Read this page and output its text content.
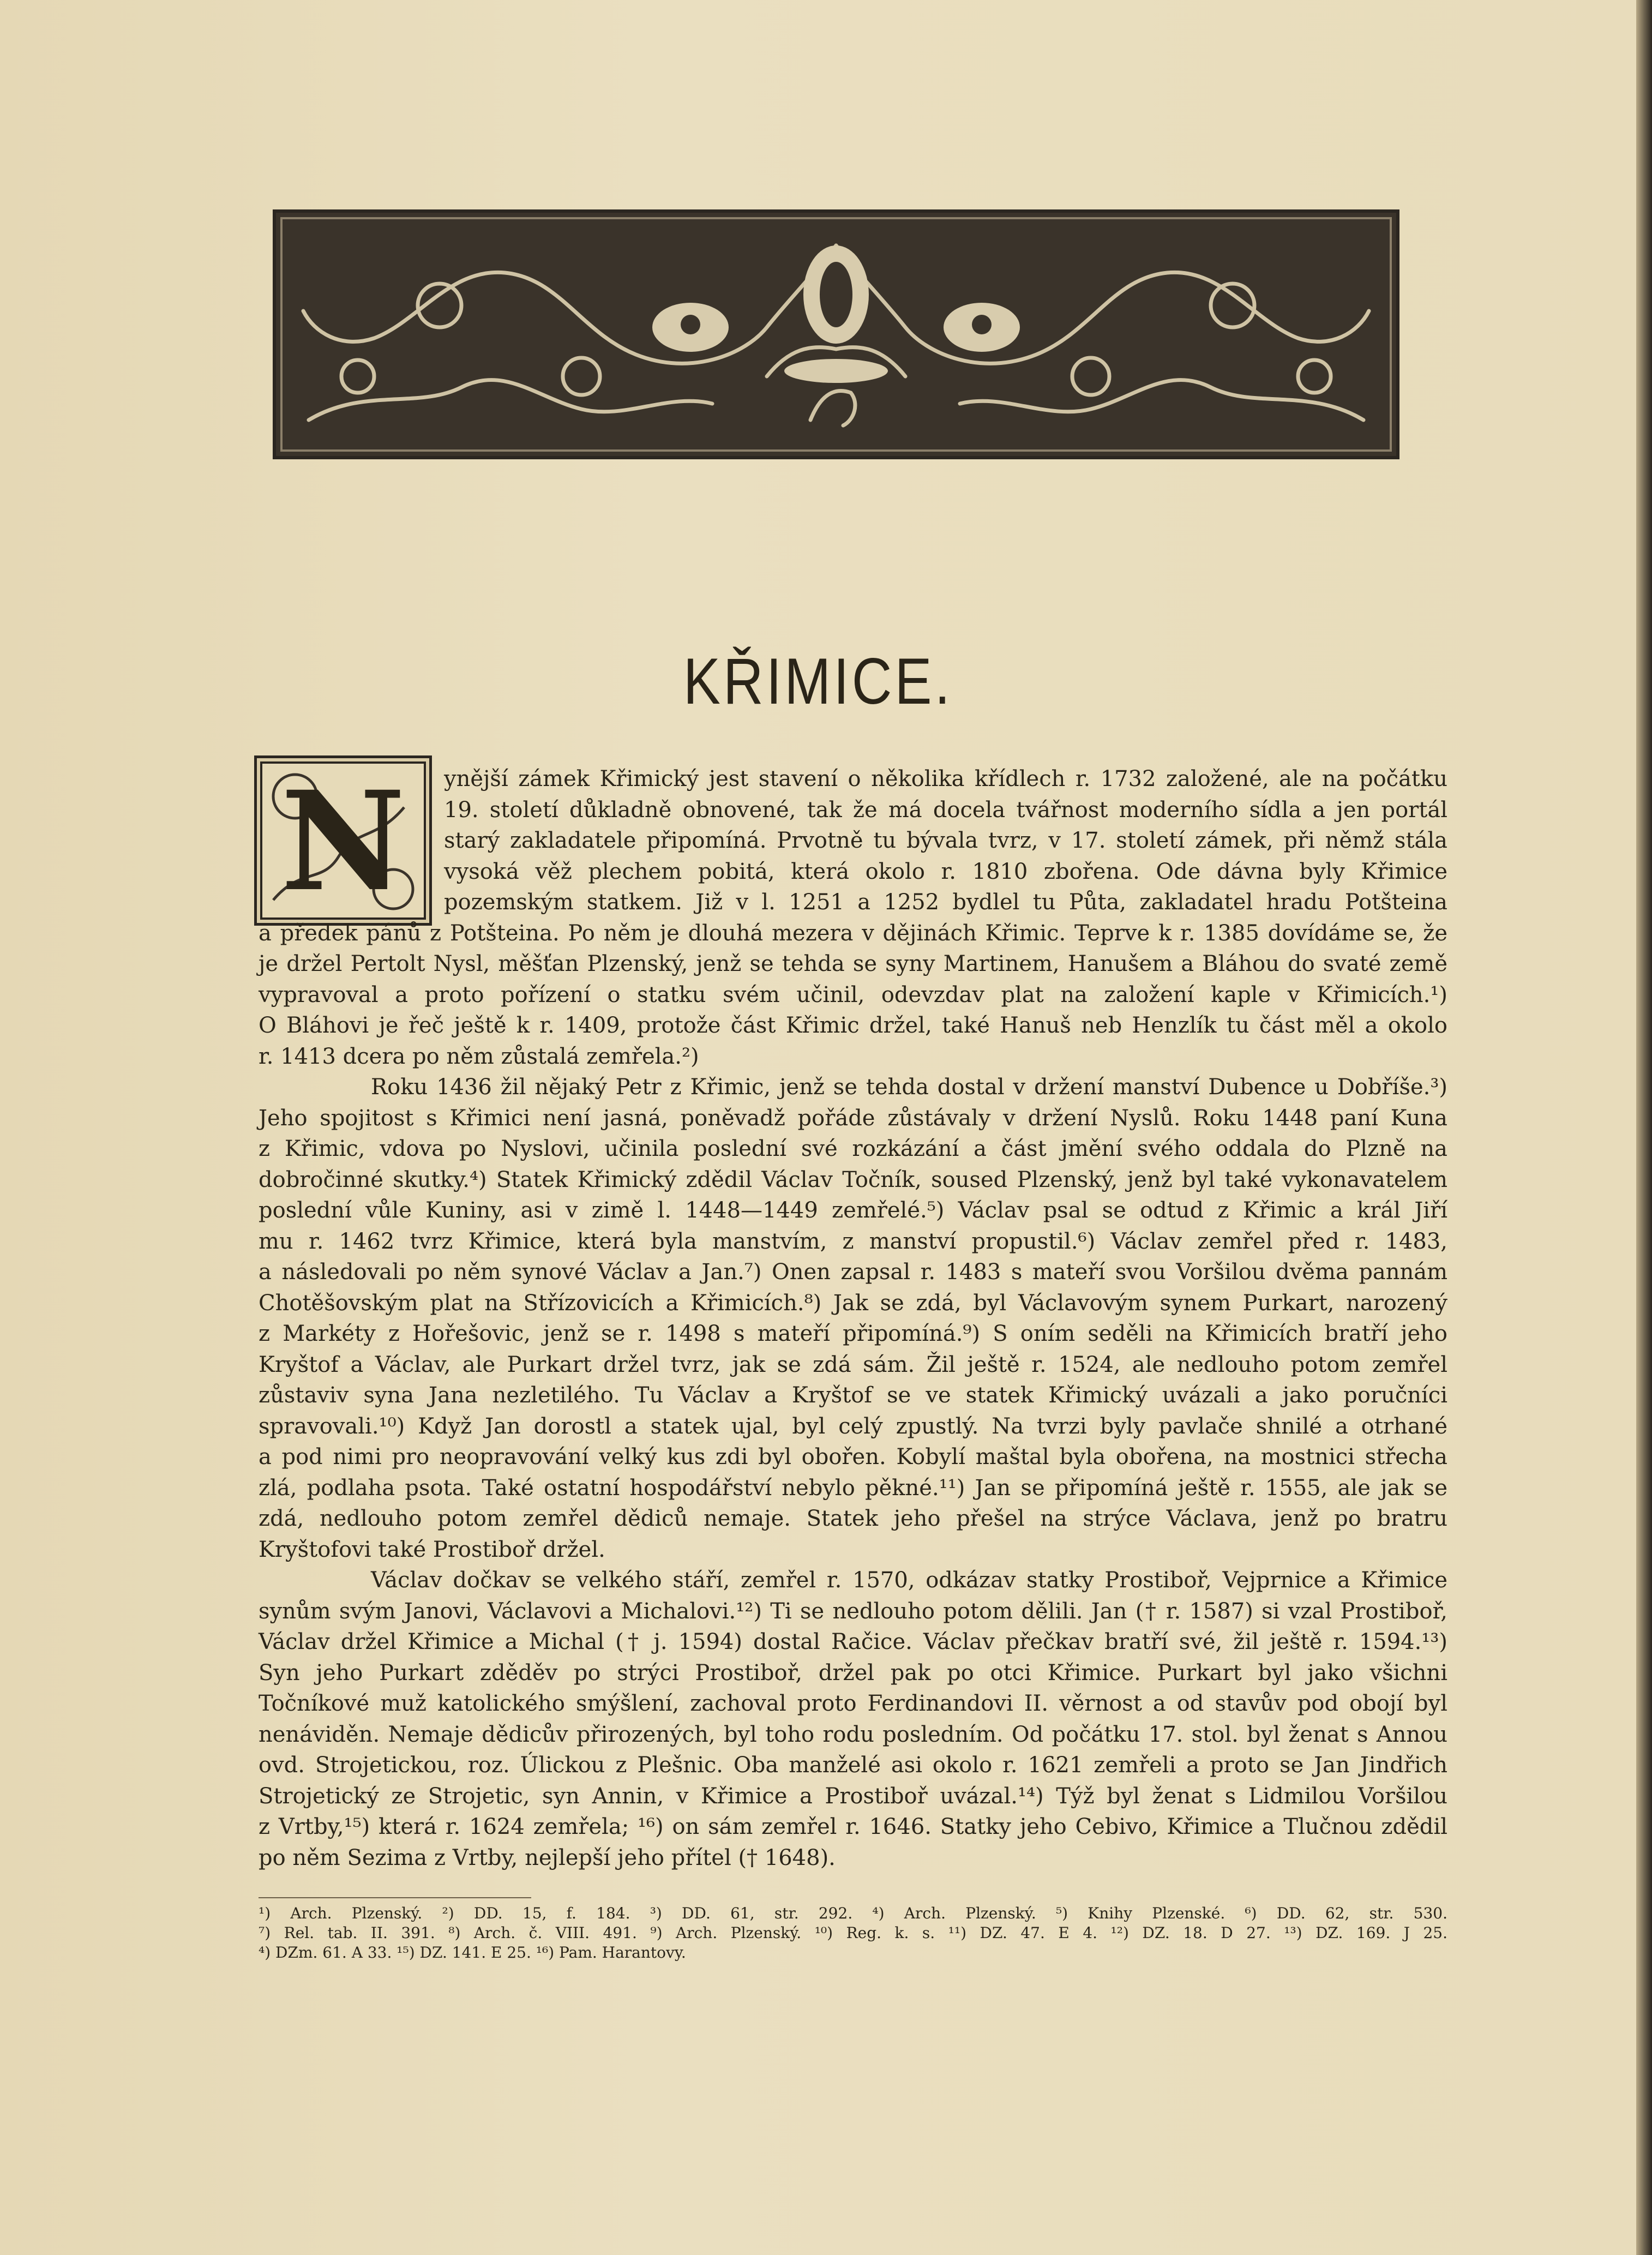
KŘIMICE.
N	ynější zámek Křimický jest stavení o několika křídlech r. 1732 založené, ale na počátku
19. století důkladně obnovené, tak že má docela tvářnost moderního sídla a jen portál
starý zakladatele připomíná. Prvotně tu bývala tvrz, v 17. století zámek, při němž stála
vysoká věž plechem pobitá, která okolo r. 1810 zbořena. Ode dávna byly Křimice
pozemským statkem. Již v l. 1251 a 1252 bydlel tu Půta, zakladatel hradu Potšteina
a předek pánů z Potšteina. Po něm je dlouhá mezera v dějinách Křimic. Teprve k r. 1385 dovídáme se, že
je držel Pertolt Nysl, měšťan Plzenský, jenž se tehda se syny Martinem, Hanušem a Bláhou do svaté země
vypravoval a proto pořízení o statku svém učinil, odevzdav plat na založení kaple v Křimicích.¹)
O Bláhovi je řeč ještě k r. 1409, protože část Křimic držel, také Hanuš neb Henzlík tu část měl a okolo
r. 1413 dcera po něm zůstalá zemřela.²)
Roku 1436 žil nějaký Petr z Křimic, jenž se tehda dostal v držení manství Dubence u Dobříše.³)
Jeho spojitost s Křimici není jasná, poněvadž pořáde zůstávaly v držení Nyslů. Roku 1448 paní Kuna
z Křimic, vdova po Nyslovi, učinila poslední své rozkázání a část jmění svého oddala do Plzně na
dobročinné skutky.⁴) Statek Křimický zdědil Václav Točník, soused Plzenský, jenž byl také vykonavatelem
poslední vůle Kuniny, asi v zimě l. 1448—1449 zemřelé.⁵) Václav psal se odtud z Křimic a král Jiří
mu r. 1462 tvrz Křimice, která byla manstvím, z manství propustil.⁶) Václav zemřel před r. 1483,
a následovali po něm synové Václav a Jan.⁷) Onen zapsal r. 1483 s mateří svou Voršilou dvěma pannám
Chotěšovským plat na Střízovicích a Křimicích.⁸) Jak se zdá, byl Václavovým synem Purkart, narozený
z Markéty z Hořešovic, jenž se r. 1498 s mateří připomíná.⁹) S oním seděli na Křimicích bratří jeho
Kryštof a Václav, ale Purkart držel tvrz, jak se zdá sám. Žil ještě r. 1524, ale nedlouho potom zemřel
zůstaviv syna Jana nezletilého. Tu Václav a Kryštof se ve statek Křimický uvázali a jako poručníci
spravovali.¹⁰) Když Jan dorostl a statek ujal, byl celý zpustlý. Na tvrzi byly pavlače shnilé a otrhané
a pod nimi pro neopravování velký kus zdi byl obořen. Kobylí maštal byla obořena, na mostnici střecha
zlá, podlaha psota. Také ostatní hospodářství nebylo pěkné.¹¹) Jan se připomíná ještě r. 1555, ale jak se
zdá, nedlouho potom zemřel dědiců nemaje. Statek jeho přešel na strýce Václava, jenž po bratru
Kryštofovi také Prostiboř držel.
Václav dočkav se velkého stáří, zemřel r. 1570, odkázav statky Prostiboř, Vejprnice a Křimice
synům svým Janovi, Václavovi a Michalovi.¹²) Ti se nedlouho potom dělili. Jan († r. 1587) si vzal Prostiboř,
Václav držel Křimice a Michal († j. 1594) dostal Račice. Václav přečkav bratří své, žil ještě r. 1594.¹³)
Syn jeho Purkart zděděv po strýci Prostiboř, držel pak po otci Křimice. Purkart byl jako všichni
Točníkové muž katolického smýšlení, zachoval proto Ferdinandovi II. věrnost a od stavův pod obojí byl
nenáviděn. Nemaje dědicův přirozených, byl toho rodu posledním. Od počátku 17. stol. byl ženat s Annou
ovd. Strojetickou, roz. Úlickou z Plešnic. Oba manželé asi okolo r. 1621 zemřeli a proto se Jan Jindřich
Strojetický ze Strojetic, syn Annin, v Křimice a Prostiboř uvázal.¹⁴) Týž byl ženat s Lidmilou Voršilou
z Vrtby,¹⁵) která r. 1624 zemřela; ¹⁶) on sám zemřel r. 1646. Statky jeho Cebivo, Křimice a Tlučnou zdědil
po něm Sezima z Vrtby, nejlepší jeho přítel († 1648).
¹) Arch. Plzenský. ²) DD. 15, f. 184. ³) DD. 61, str. 292. ⁴) Arch. Plzenský. ⁵) Knihy Plzenské. ⁶) DD. 62, str. 530.
⁷) Rel. tab. II. 391. ⁸) Arch. č. VIII. 491. ⁹) Arch. Plzenský. ¹⁰) Reg. k. s. ¹¹) DZ. 47. E 4. ¹²) DZ. 18. D 27. ¹³) DZ. 169. J 25.
⁴) DZm. 61. A 33. ¹⁵) DZ. 141. E 25. ¹⁶) Pam. Harantovy.
